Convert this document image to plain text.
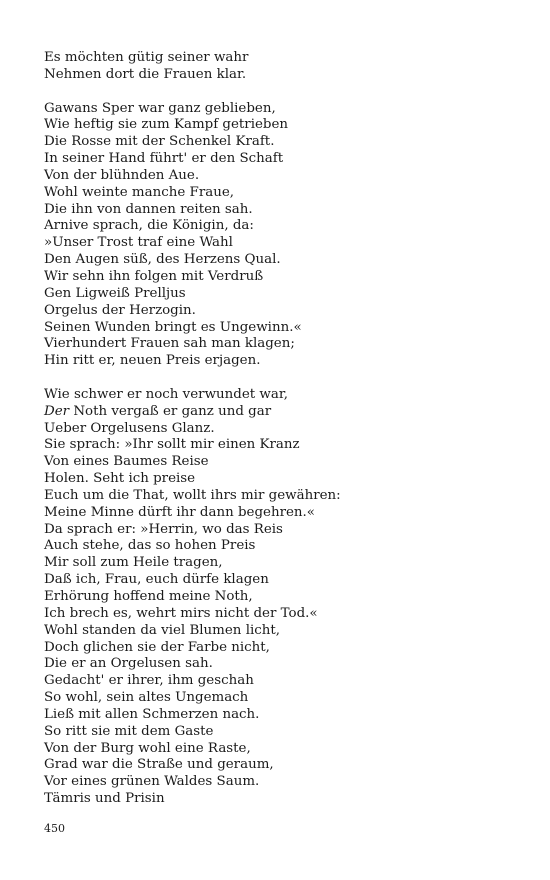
Es möchten gütig seiner wahr
Nehmen dort die Frauen klar.
Gawans Sper war ganz geblieben,
Wie heftig sie zum Kampf getrieben
Die Rosse mit der Schenkel Kraft.
In seiner Hand führt' er den Schaft
Von der blühnden Aue.
Wohl weinte manche Fraue,
Die ihn von dannen reiten sah.
Arnive sprach, die Königin, da:
»Unser Trost traf eine Wahl
Den Augen süß, des Herzens Qual.
Wir sehn ihn folgen mit Verdruß
Gen Ligweiß Prelljus
Orgelus der Herzogin.
Seinen Wunden bringt es Ungewinn.«
Vierhundert Frauen sah man klagen;
Hin ritt er, neuen Preis erjagen.
Wie schwer er noch verwundet war,
Der Noth vergaß er ganz und gar
Ueber Orgelusens Glanz.
Sie sprach: »Ihr sollt mir einen Kranz
Von eines Baumes Reise
Holen. Seht ich preise
Euch um die That, wollt ihrs mir gewähren:
Meine Minne dürft ihr dann begehren.«
Da sprach er: »Herrin, wo das Reis
Auch stehe, das so hohen Preis
Mir soll zum Heile tragen,
Daß ich, Frau, euch dürfe klagen
Erhörung hoffend meine Noth,
Ich brech es, wehrt mirs nicht der Tod.«
Wohl standen da viel Blumen licht,
Doch glichen sie der Farbe nicht,
Die er an Orgelusen sah.
Gedacht' er ihrer, ihm geschah
So wohl, sein altes Ungemach
Ließ mit allen Schmerzen nach.
So ritt sie mit dem Gaste
Von der Burg wohl eine Raste,
Grad war die Straße und geraum,
Vor eines grünen Waldes Saum.
Tämris und Prisin
450
